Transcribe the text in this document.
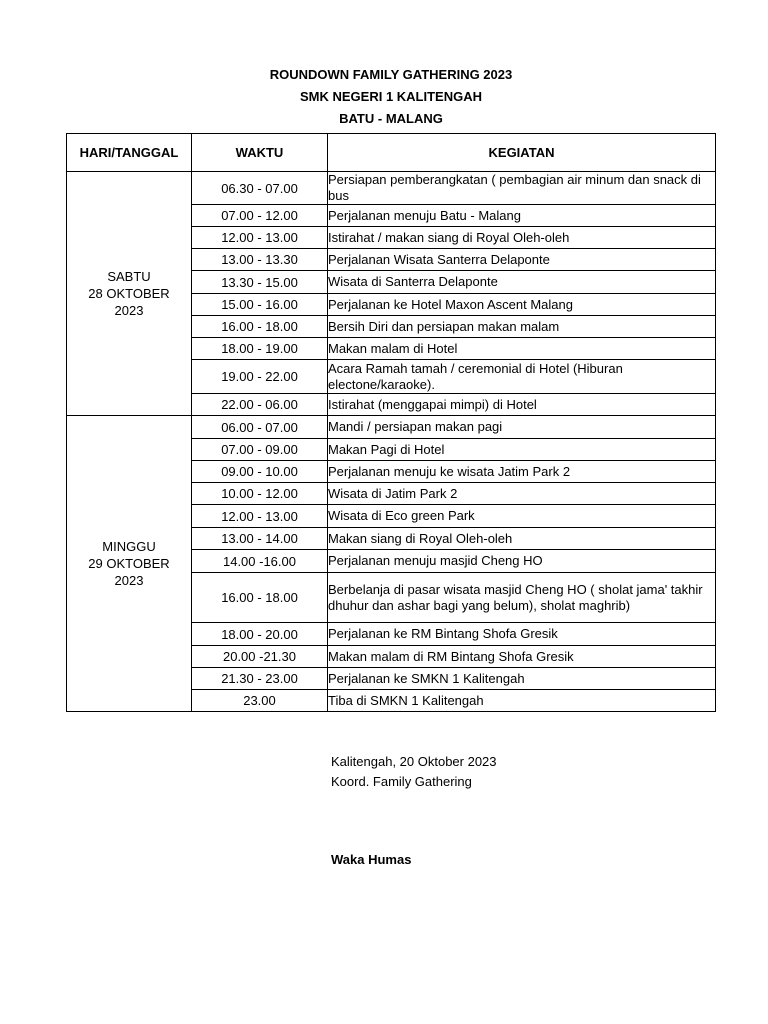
ROUNDOWN FAMILY GATHERING 2023
SMK NEGERI 1 KALITENGAH
BATU - MALANG
HARI/TANGGAL	WAKTU	KEGIATAN

SABTU
28 OKTOBER
2023	06.30 - 07.00	Persiapan pemberangkatan ( pembagian air minum dan snack di bus
	07.00 - 12.00	Perjalanan menuju Batu - Malang
	12.00 - 13.00	Istirahat / makan siang di Royal Oleh-oleh
	13.00 - 13.30	Perjalanan Wisata Santerra Delaponte
	13.30 - 15.00	Wisata di Santerra Delaponte
	15.00 - 16.00	Perjalanan ke Hotel Maxon Ascent Malang
	16.00 - 18.00	Bersih Diri dan persiapan makan malam
	18.00 - 19.00	Makan malam di Hotel
	19.00 - 22.00	Acara Ramah tamah / ceremonial di Hotel (Hiburan electone/karaoke).
	22.00 - 06.00	Istirahat (menggapai mimpi) di Hotel

MINGGU
29 OKTOBER
2023	06.00 - 07.00	Mandi / persiapan makan pagi
	07.00 - 09.00	Makan Pagi di Hotel
	09.00 - 10.00	Perjalanan menuju ke wisata Jatim Park 2
	10.00 - 12.00	Wisata di Jatim Park 2
	12.00 - 13.00	Wisata di Eco green Park
	13.00 - 14.00	Makan siang di Royal Oleh-oleh
	14.00 -16.00	Perjalanan menuju masjid Cheng HO
	16.00 - 18.00	Berbelanja di pasar wisata masjid Cheng HO ( sholat jama' takhir dhuhur dan ashar bagi yang belum), sholat maghrib)
	18.00 - 20.00	Perjalanan ke RM Bintang Shofa Gresik
	20.00 -21.30	Makan malam di RM Bintang Shofa Gresik
	21.30 - 23.00	Perjalanan ke SMKN 1 Kalitengah
	23.00	Tiba di SMKN 1 Kalitengah
Kalitengah, 20 Oktober 2023
Koord. Family Gathering
Waka Humas
